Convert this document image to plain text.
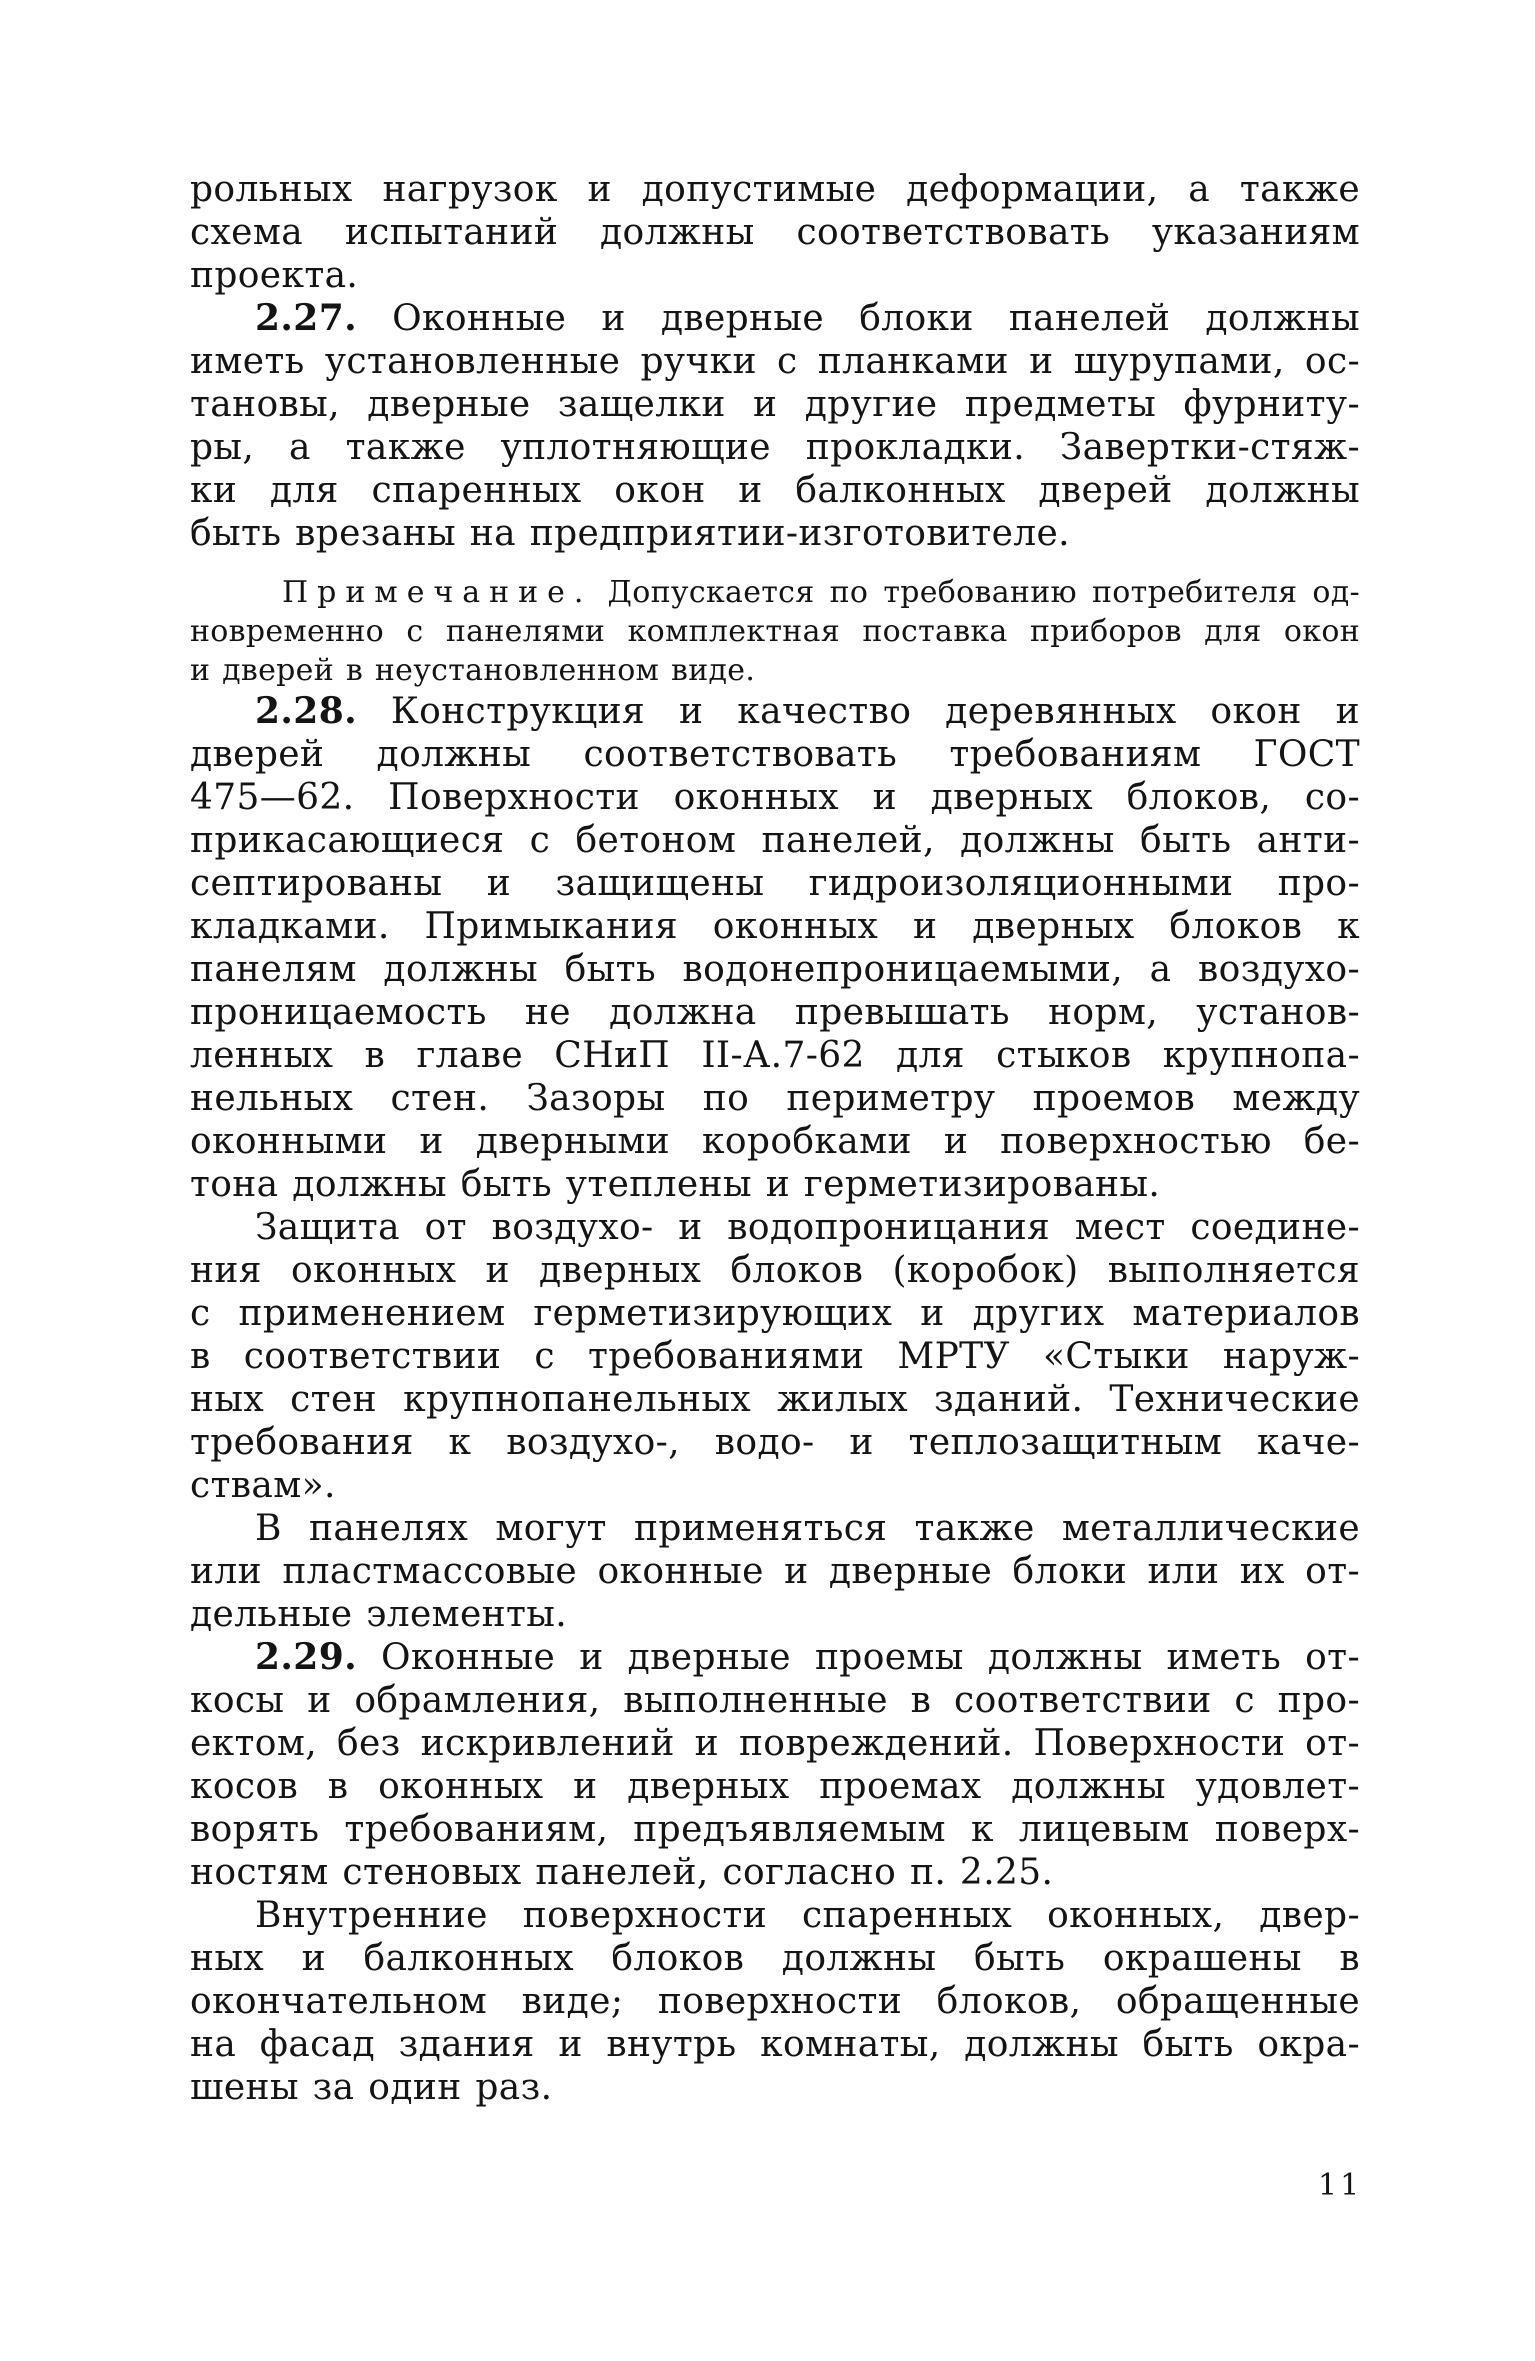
рольных нагрузок и допустимые деформации, а также
схема испытаний должны соответствовать указаниям
проекта.
2.27. Оконные и дверные блоки панелей должны
иметь установленные ручки с планками и шурупами, ос-
тановы, дверные защелки и другие предметы фурниту-
ры, а также уплотняющие прокладки. Завертки-стяж-
ки для спаренных окон и балконных дверей должны
быть врезаны на предприятии-изготовителе.
Примечание. Допускается по требованию потребителя од-
новременно с панелями комплектная поставка приборов для окон
и дверей в неустановленном виде.
2.28. Конструкция и качество деревянных окон и
дверей должны соответствовать требованиям ГОСТ
475—62. Поверхности оконных и дверных блоков, со-
прикасающиеся с бетоном панелей, должны быть анти-
септированы и защищены гидроизоляционными про-
кладками. Примыкания оконных и дверных блоков к
панелям должны быть водонепроницаемыми, а воздухо-
проницаемость не должна превышать норм, установ-
ленных в главе СНиП II-А.7-62 для стыков крупнопа-
нельных стен. Зазоры по периметру проемов между
оконными и дверными коробками и поверхностью бе-
тона должны быть утеплены и герметизированы.
Защита от воздухо- и водопроницания мест соедине-
ния оконных и дверных блоков (коробок) выполняется
с применением герметизирующих и других материалов
в соответствии с требованиями МРТУ «Стыки наруж-
ных стен крупнопанельных жилых зданий. Технические
требования к воздухо-, водо- и теплозащитным каче-
ствам».
В панелях могут применяться также металлические
или пластмассовые оконные и дверные блоки или их от-
дельные элементы.
2.29. Оконные и дверные проемы должны иметь от-
косы и обрамления, выполненные в соответствии с про-
ектом, без искривлений и повреждений. Поверхности от-
косов в оконных и дверных проемах должны удовлет-
ворять требованиям, предъявляемым к лицевым поверх-
ностям стеновых панелей, согласно п. 2.25.
Внутренние поверхности спаренных оконных, двер-
ных и балконных блоков должны быть окрашены в
окончательном виде; поверхности блоков, обращенные
на фасад здания и внутрь комнаты, должны быть окра-
шены за один раз.
11
